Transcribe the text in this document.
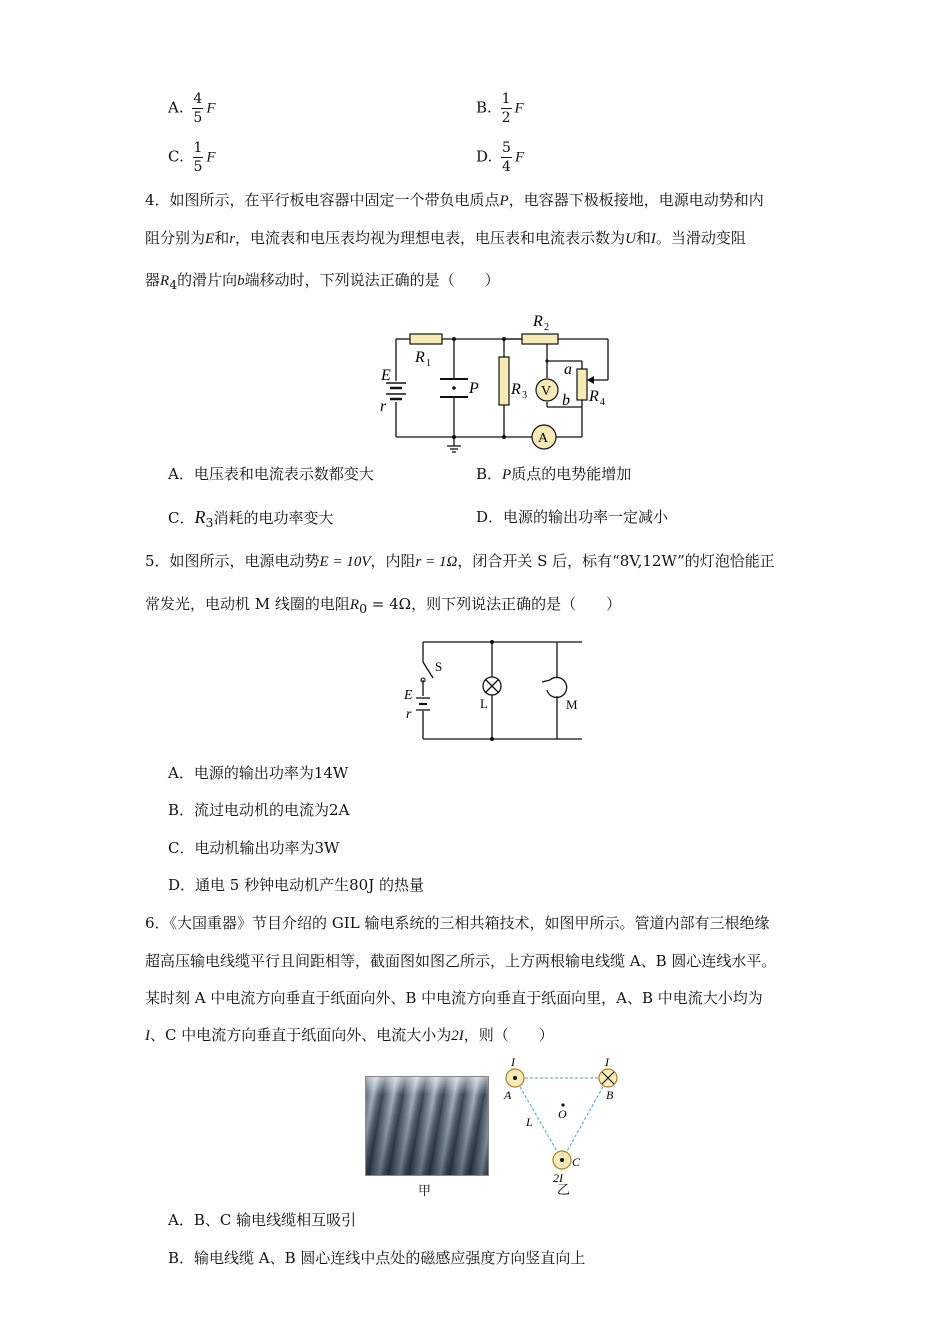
A. $\frac{4}{5}$ F	B. $\frac{1}{2}$ F
C. $\frac{1}{5}$ F	D. $\frac{5}{4}$ F
4．如图所示，在平行板电容器中固定一个带负电质点P，电容器下极板接地，电源电动势和内
阻分别为E和r，电流表和电压表均视为理想电表，电压表和电流表示数为U和I。当滑动变阻
器$R_4$的滑片向b端移动时，下列说法正确的是（　　）
E
r
R 1
R 2
R 3	R 4
P
a
b
V
A
A．电压表和电流表示数都变大	B．P质点的电势能增加
C．$R_3$消耗的电功率变大	D．电源的输出功率一定减小
5．如图所示，电源电动势E = 10V，内阻r = 1Ω，闭合开关 S 后，标有“8V,12W”的灯泡恰能正
常发光，电动机 M 线圈的电阻$R_0 = 4\Omega$，则下列说法正确的是（　　）
S
E
r
L	M
A．电源的输出功率为14W
B．流过电动机的电流为2A
C．电动机输出功率为3W
D．通电 5 秒钟电动机产生80J 的热量
6．《大国重器》节目介绍的 GIL 输电系统的三相共箱技术，如图甲所示。管道内部有三根绝缘
超高压输电线缆平行且间距相等，截面图如图乙所示，上方两根输电线缆 A、B 圆心连线水平。
某时刻 A 中电流方向垂直于纸面向外、B 中电流方向垂直于纸面向里，A、B 中电流大小均为
I、C 中电流方向垂直于纸面向外、电流大小为2I，则（　　）
甲
I	I
A	B
O
L
C
2I
乙
A．B、C 输电线缆相互吸引
B．输电线缆 A、B 圆心连线中点处的磁感应强度方向竖直向上
